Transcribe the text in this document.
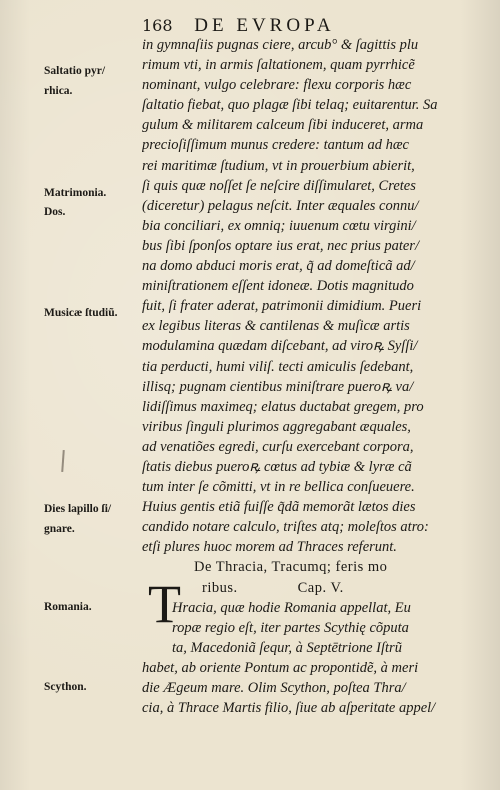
168 DE EVROPA
Saltatio pyr/
rhica.
Matrimonia.
Dos.
Musicæ ſtudiũ.
Dies lapillo ſi/
gnare.
Romania.
Scython.
in gymnaſiis pugnas ciere, arcub° & ſagittis plu
rimum vti, in armis ſaltationem, quam pyrrhicẽ
nominant, vulgo celebrare: flexu corporis hæc
ſaltatio fiebat, quo plagæ ſibi telaq; euitarentur. Sa
gulum & militarem calceum ſibi induceret, arma
precioſiſſimum munus credere: tantum ad hæc
rei maritimæ ſtudium, vt in prouerbium abierit,
ſi quis quæ noſſet ſe neſcire diſſimularet, Cretes
(diceretur) pelagus neſcit. Inter æquales connu/
bia conciliari, ex omniq; iuuenum cœtu virgini/
bus ſibi ſponſos optare ius erat, nec prius pater/
na domo abduci moris erat, q̃ ad domeſticã ad/
miniſtrationem eſſent idoneæ. Dotis magnitudo
fuit, ſi frater aderat, patrimonii dimidium. Pueri
ex legibus literas & cantilenas & muſicæ artis
modulamina quædam diſcebant, ad viroꝶ Syſſi/
tia perducti, humi viliſ. tecti amiculis ſedebant,
illisq; pugnam cientibus miniſtrare pueroꝶ va/
lidiſſimus maximeq; elatus ductabat gregem, pro
viribus ſinguli plurimos aggregabant æquales,
ad venatiões egredi, curſu exercebant corpora,
ſtatis diebus pueroꝶ cœtus ad tybiæ & lyræ cã
tum inter ſe cõmitti, vt in re bellica conſueuere.
Huius gentis etiã fuiſſe q̃dã memorãt lætos dies
candido notare calculo, triſtes atq; moleſtos atro:
etſi plures huoc morem ad Thraces referunt.
De Thracia, Tracumq; feris mo
ribus.	Cap. V.
Hracia, quæ hodie Romania appellat, Eu
ropæ regio eſt, iter partes Scythię cõputa
ta, Macedoniã ſequr, à Septētrione Iſtrũ
habet, ab oriente Pontum ac propontidẽ, à meri
die Ægeum mare. Olim Scython, poſtea Thra/
cia, à Thrace Martis filio, ſiue ab aſperitate appel/
T
